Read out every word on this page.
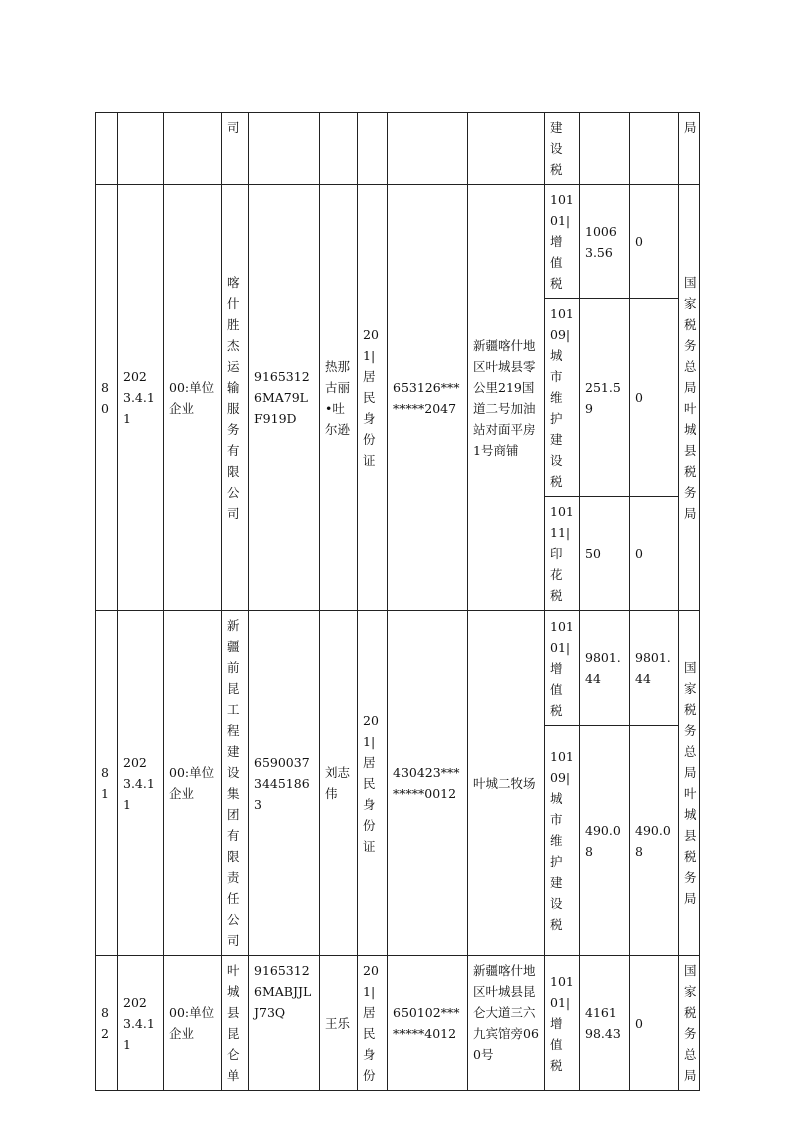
			司						建设税			局
80	2023.4.11	00:单位企业	喀什胜杰运输服务有限公司	91653126MA79LF919D	热那古丽•吐尔逊	201|居民身份证	653126********2047	新疆喀什地区叶城县零公里219国道二号加油站对面平房1号商铺	10101|增值税	10063.56	0	国家税务总局叶城县税务局
									10109|城市维护建设税	251.59	0	
									10111|印花税	50	0	
81	2023.4.11	00:单位企业	新疆前昆工程建设集团有限责任公司	659003734451863	刘志伟	201|居民身份证	430423********0012	叶城二牧场	10101|增值税	9801.44	9801.44	国家税务总局叶城县税务局
									10109|城市维护建设税	490.08	490.08	
82	2023.4.11	00:单位企业	叶城县昆仑单	91653126MABJJLJ73Q	王乐	201|居民身份	650102********4012	新疆喀什地区叶城县昆仑大道三六九宾馆旁060号	10101|增值税	416198.43	0	国家税务总局
